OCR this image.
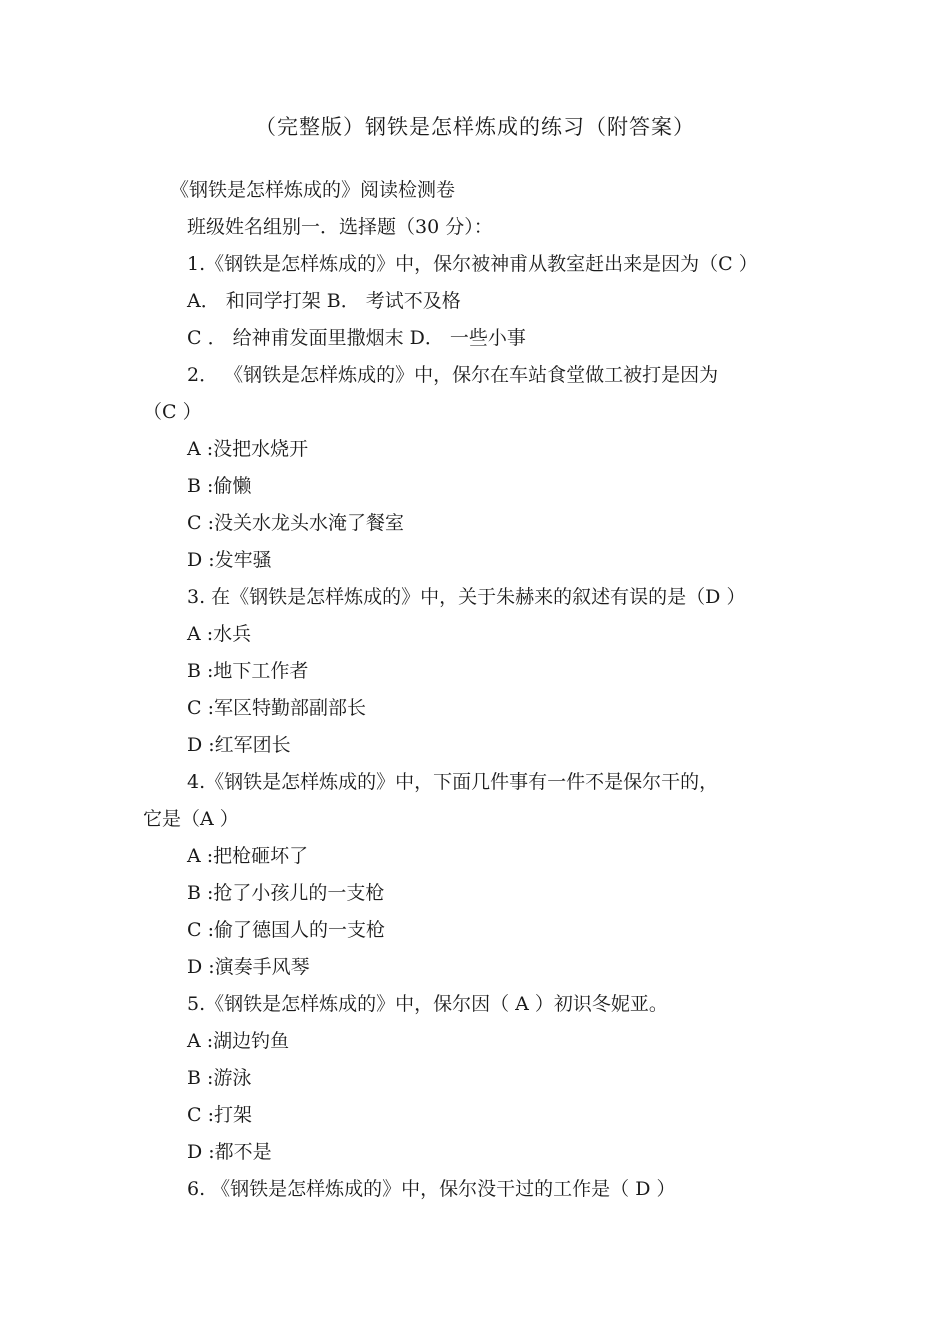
（完整版）钢铁是怎样炼成的练习（附答案）
《钢铁是怎样炼成的》阅读检测卷
班级姓名组别一．选择题（30 分）：
1.《钢铁是怎样炼成的》中，保尔被神甫从教室赶出来是因为（C ）
A． 和同学打架 B． 考试不及格
C ． 给神甫发面里撒烟末 D． 一些小事
2． 《钢铁是怎样炼成的》中，保尔在车站食堂做工被打是因为
（C ）
A :没把水烧开
B :偷懒
C :没关水龙头水淹了餐室
D :发牢骚
3. 在《钢铁是怎样炼成的》中，关于朱赫来的叙述有误的是（D ）
A :水兵
B :地下工作者
C :军区特勤部副部长
D :红军团长
4.《钢铁是怎样炼成的》中，下面几件事有一件不是保尔干的，
它是（A ）
A :把枪砸坏了
B :抢了小孩儿的一支枪
C :偷了德国人的一支枪
D :演奏手风琴
5.《钢铁是怎样炼成的》中，保尔因（ A ）初识冬妮亚。
A :湖边钓鱼
B :游泳
C :打架
D :都不是
6. 《钢铁是怎样炼成的》中，保尔没干过的工作是（ D ）
